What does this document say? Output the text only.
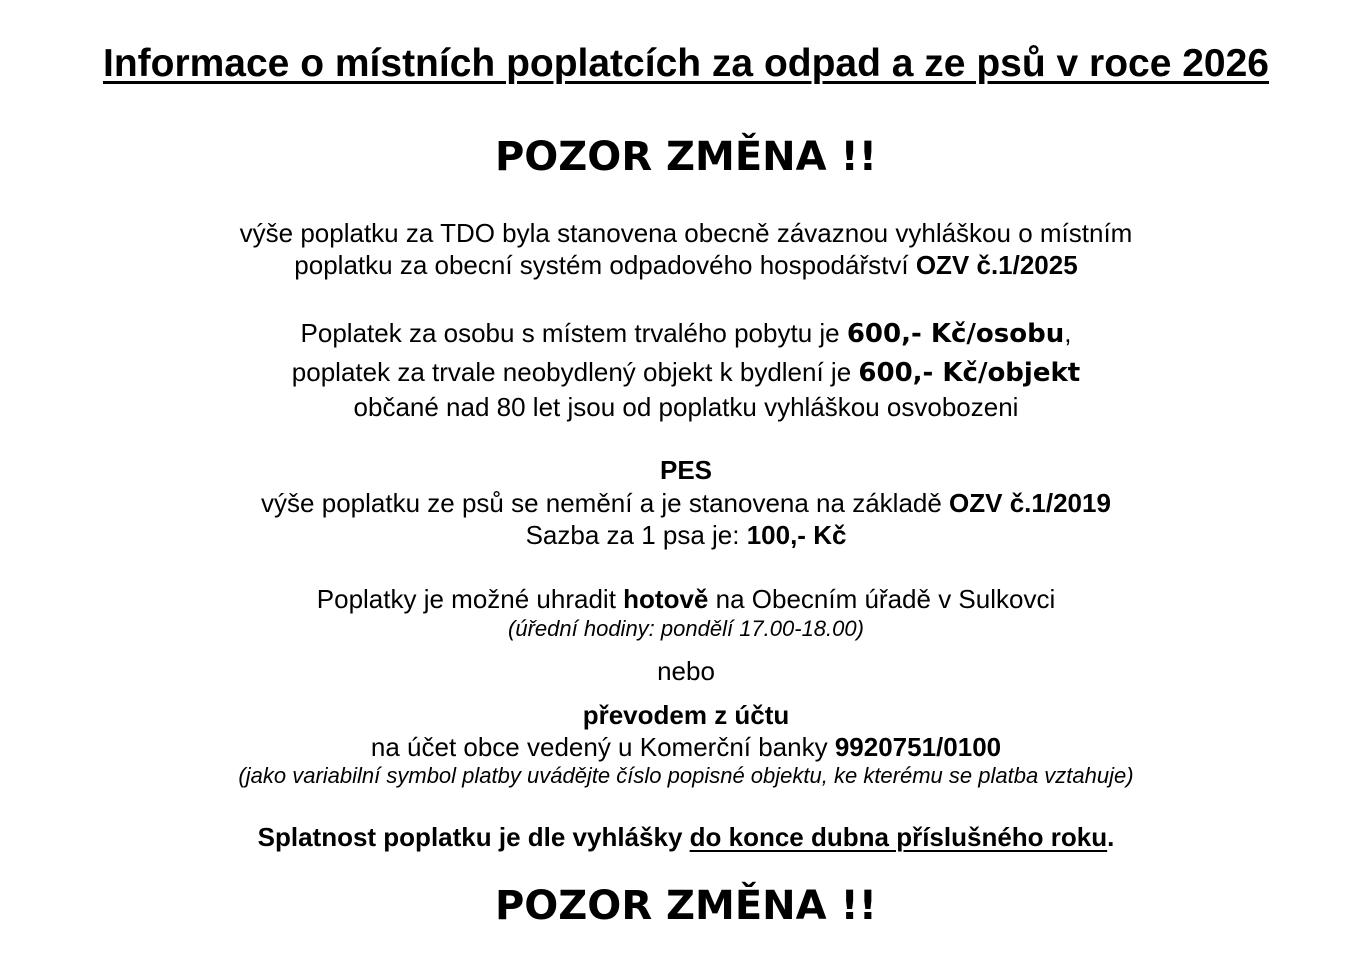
Informace o místních poplatcích za odpad a ze psů v roce 2026
POZOR ZMĚNA !!
výše poplatku za TDO byla stanovena obecně závaznou vyhláškou o místním
poplatku za obecní systém odpadového hospodářství OZV č.1/2025
Poplatek za osobu s místem trvalého pobytu je 600,- Kč/osobu,
poplatek za trvale neobydlený objekt k bydlení je 600,- Kč/objekt
občané nad 80 let jsou od poplatku vyhláškou osvobozeni
PES
výše poplatku ze psů se nemění a je stanovena na základě OZV č.1/2019
Sazba za 1 psa je: 100,- Kč
Poplatky je možné uhradit hotově na Obecním úřadě v Sulkovci
(úřední hodiny: pondělí 17.00-18.00)
nebo
převodem z účtu
na účet obce vedený u Komerční banky 9920751/0100
(jako variabilní symbol platby uvádějte číslo popisné objektu, ke kterému se platba vztahuje)
Splatnost poplatku je dle vyhlášky do konce dubna příslušného roku.
POZOR ZMĚNA !!
